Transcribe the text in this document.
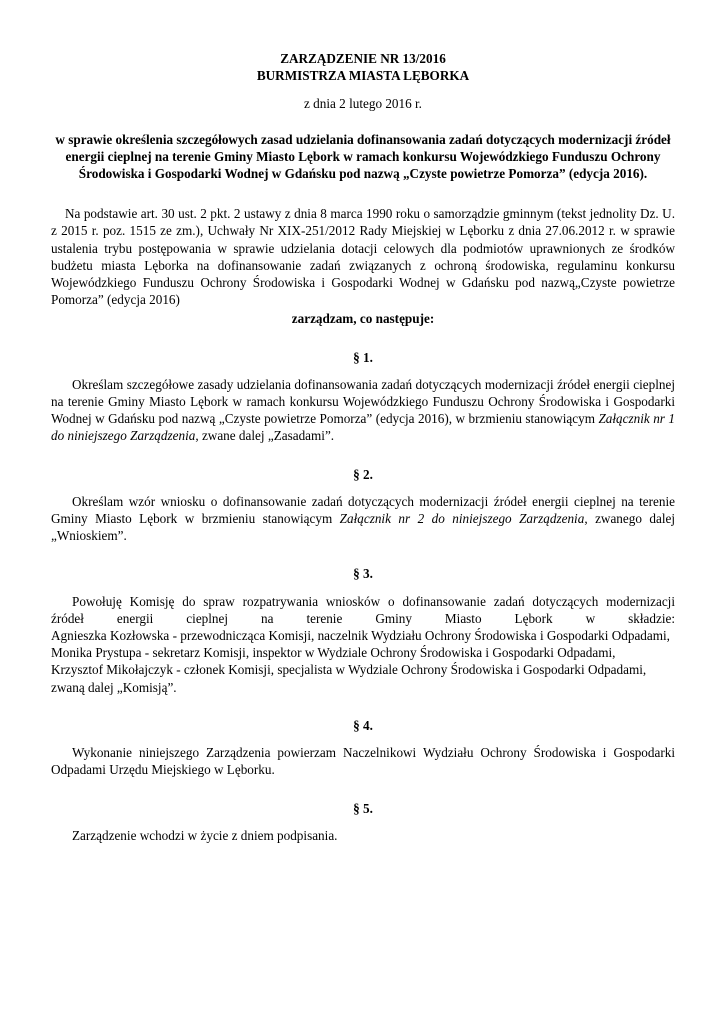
ZARZĄDZENIE NR 13/2016
BURMISTRZA MIASTA LĘBORKA
z dnia 2 lutego 2016 r.
w sprawie określenia szczegółowych zasad udzielania dofinansowania zadań dotyczących modernizacji źródeł energii cieplnej na terenie Gminy Miasto Lębork w ramach konkursu Wojewódzkiego Funduszu Ochrony Środowiska i Gospodarki Wodnej w Gdańsku pod nazwą „Czyste powietrze Pomorza” (edycja 2016).
Na podstawie art. 30 ust. 2 pkt. 2 ustawy z dnia 8 marca 1990 roku o samorządzie gminnym (tekst jednolity Dz. U. z 2015 r. poz. 1515 ze zm.), Uchwały Nr XIX-251/2012 Rady Miejskiej w Lęborku z dnia 27.06.2012 r. w sprawie ustalenia trybu postępowania w sprawie udzielania dotacji celowych dla podmiotów uprawnionych ze środków budżetu miasta Lęborka na dofinansowanie zadań związanych z ochroną środowiska, regulaminu konkursu Wojewódzkiego Funduszu Ochrony Środowiska i Gospodarki Wodnej w Gdańsku pod nazwą„Czyste powietrze Pomorza” (edycja 2016)
zarządzam, co następuje:
§ 1.
Określam szczegółowe zasady udzielania dofinansowania zadań dotyczących modernizacji źródeł energii cieplnej na terenie Gminy Miasto Lębork w ramach konkursu Wojewódzkiego Funduszu Ochrony Środowiska i Gospodarki Wodnej w Gdańsku pod nazwą „Czyste powietrze Pomorza” (edycja 2016), w brzmieniu stanowiącym Załącznik nr 1 do niniejszego Zarządzenia, zwane dalej „Zasadami”.
§ 2.
Określam wzór wniosku o dofinansowanie zadań dotyczących modernizacji źródeł energii cieplnej na terenie Gminy Miasto Lębork w brzmieniu stanowiącym Załącznik nr 2 do niniejszego Zarządzenia, zwanego dalej „Wnioskiem”.
§ 3.
Powołuję Komisję do spraw rozpatrywania wniosków o dofinansowanie zadań dotyczących modernizacji
źródeł energii cieplnej na terenie Gminy Miasto Lębork w składzie:
Agnieszka Kozłowska - przewodnicząca Komisji, naczelnik Wydziału Ochrony Środowiska i Gospodarki Odpadami,
Monika Prystupa - sekretarz Komisji, inspektor w Wydziale Ochrony Środowiska i Gospodarki Odpadami,
Krzysztof Mikołajczyk - członek Komisji, specjalista w Wydziale Ochrony Środowiska i Gospodarki Odpadami,
zwaną dalej „Komisją”.
§ 4.
Wykonanie niniejszego Zarządzenia powierzam Naczelnikowi Wydziału Ochrony Środowiska i Gospodarki Odpadami Urzędu Miejskiego w Lęborku.
§ 5.
Zarządzenie wchodzi w życie z dniem podpisania.
